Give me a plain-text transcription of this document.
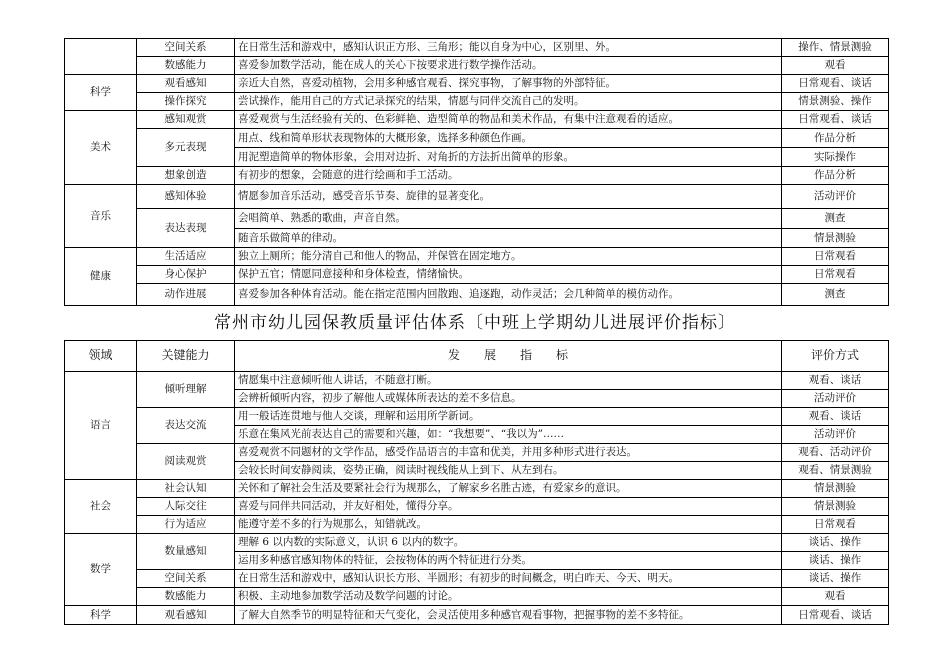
	空间关系	在日常生活和游戏中，感知认识正方形、三角形；能以自身为中心，区别里、外。	操作、情景测验
	数感能力	喜爱参加数学活动，能在成人的关心下按要求进行数学操作活动。	观看
科学	观看感知	亲近大自然，喜爱动植物，会用多种感官观看、探究事物，了解事物的外部特征。	日常观看、谈话
	操作探究	尝试操作，能用自己的方式记录探究的结果，情愿与同伴交流自己的发明。	情景测验、操作
美术	感知观赏	喜爱观赏与生活经验有关的、色彩鲜艳、造型简单的物品和美术作品，有集中注意观看的适应。	日常观看、谈话
	多元表现	用点、线和简单形状表现物体的大概形象，选择多种颜色作画。	作品分析
		用泥塑造简单的物体形象，会用对边折、对角折的方法折出简单的形象。	实际操作
	想象创造	有初步的想象，会随意的进行绘画和手工活动。	作品分析
音乐	感知体验	情愿参加音乐活动，感受音乐节奏、旋律的显著变化。	活动评价
	表达表现	会唱简单、熟悉的歌曲，声音自然。	测查
		随音乐做简单的律动。	情景测验
健康	生活适应	独立上厕所；能分清自己和他人的物品，并保管在固定地方。	日常观看
	身心保护	保护五官；情愿同意接种和身体检查，情绪愉快。	日常观看
	动作进展	喜爱参加各种体育活动。能在指定范围内回散跑、追逐跑，动作灵活；会几种简单的模仿动作。	测查
常州市幼儿园保教质量评估体系〔中班上学期幼儿进展评价指标〕
领域	关键能力	发　　展　　指　　标	评价方式
语言	倾听理解	情愿集中注意倾听他人讲话，不随意打断。	观看、谈话
		会辨析倾听内容，初步了解他人或媒体所表达的差不多信息。	活动评价
	表达交流	用一般话连贯地与他人交谈，理解和运用所学新词。	观看、谈话
		乐意在集风光前表达自己的需要和兴趣，如：“我想要”、“我以为”……	活动评价
	阅读观赏	喜爱观赏不同题材的文学作品，感受作品语言的丰富和优美，并用多种形式进行表达。	观看、活动评价
		会较长时间安静阅读，姿势正确，阅读时视线能从上到下、从左到右。	观看、情景测验
社会	社会认知	关怀和了解社会生活及要紧社会行为规那么，了解家乡名胜古迹，有爱家乡的意识。	情景测验
	人际交往	喜爱与同伴共同活动，并友好相处，懂得分享。	情景测验
	行为适应	能遵守差不多的行为规那么，知错就改。	日常观看
数学	数量感知	理解 6 以内数的实际意义，认识 6 以内的数字。	谈话、操作
		运用多种感官感知物体的特征，会按物体的两个特征进行分类。	谈话、操作
	空间关系	在日常生活和游戏中，感知认识长方形、半圆形；有初步的时间概念，明白昨天、今天、明天。	谈话、操作
	数感能力	积极、主动地参加数学活动及数学问题的讨论。	观看
科学	观看感知	了解大自然季节的明显特征和天气变化，会灵活使用多种感官观看事物，把握事物的差不多特征。	日常观看、谈话
